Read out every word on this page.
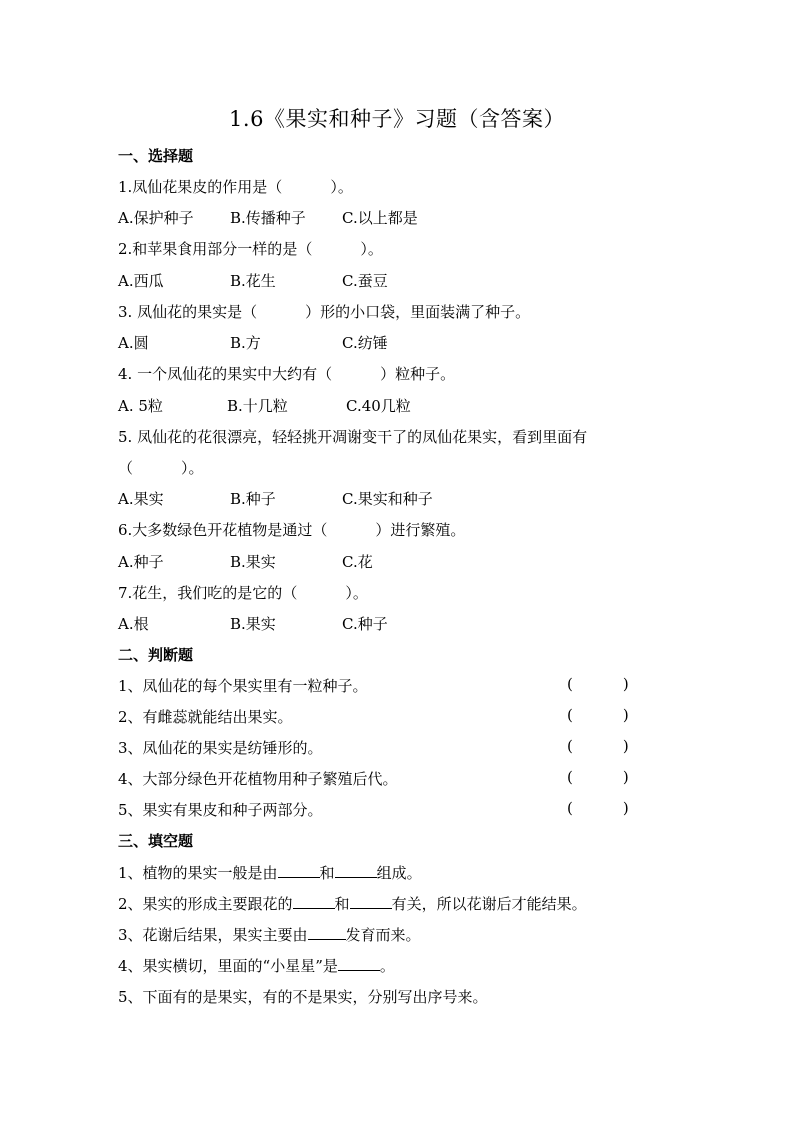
1.6《果实和种子》习题（含答案）
一、选择题
1.凤仙花果皮的作用是（	）。
A.保护种子 B.传播种子 C.以上都是
2.和苹果食用部分一样的是（	）。
A.西瓜	B.花生	C.蚕豆
3. 凤仙花的果实是（	）形的小口袋，里面装满了种子。
A.圆	B.方	C.纺锤
4. 一个凤仙花的果实中大约有（	）粒种子。
A. 5粒	B.十几粒	C.40几粒
5. 凤仙花的花很漂亮，轻轻挑开凋谢变干了的凤仙花果实，看到里面有
（	）。
A.果实	B.种子	C.果实和种子
6.大多数绿色开花植物是通过（	）进行繁殖。
A.种子	B.果实	C.花
7.花生，我们吃的是它的（	）。
A.根	B.果实	C.种子
二、判断题
1、凤仙花的每个果实里有一粒种子。	(	)
2、有雌蕊就能结出果实。	(	)
3、凤仙花的果实是纺锤形的。	(	)
4、大部分绿色开花植物用种子繁殖后代。	(	)
5、果实有果皮和种子两部分。	(	)
三、填空题
1、植物的果实一般是由	和	组成。
2、果实的形成主要跟花的	和	有关，所以花谢后才能结果。
3、花谢后结果，果实主要由	发育而来。
4、果实横切，里面的“小星星”是	。
5、下面有的是果实，有的不是果实，分别写出序号来。
